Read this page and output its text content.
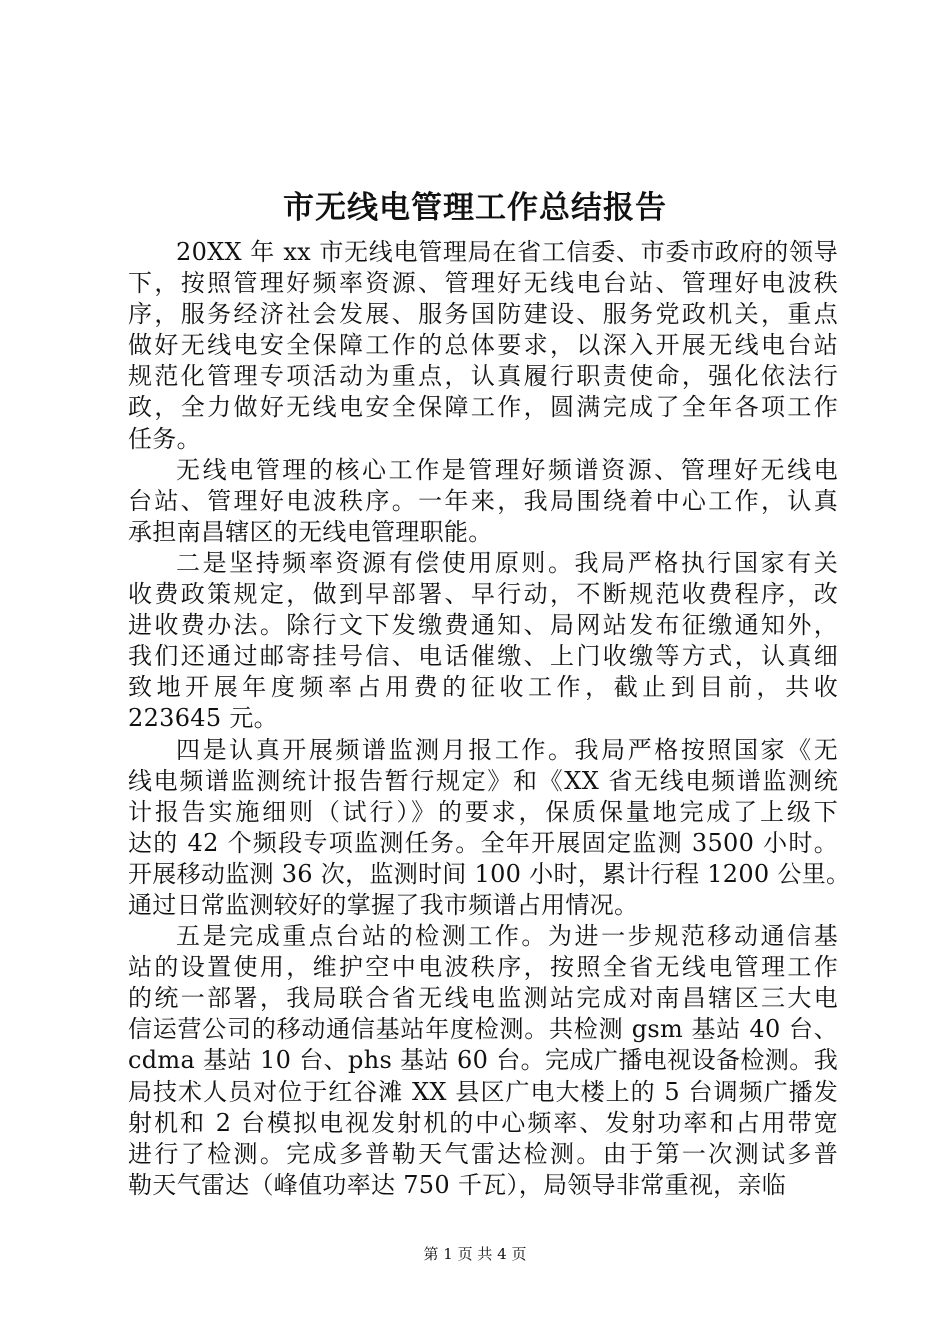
市无线电管理工作总结报告
20XX 年 xx 市无线电管理局在省工信委、市委市政府的领导
下，按照管理好频率资源、管理好无线电台站、管理好电波秩
序，服务经济社会发展、服务国防建设、服务党政机关，重点
做好无线电安全保障工作的总体要求，以深入开展无线电台站
规范化管理专项活动为重点，认真履行职责使命，强化依法行
政，全力做好无线电安全保障工作，圆满完成了全年各项工作
任务。
无线电管理的核心工作是管理好频谱资源、管理好无线电
台站、管理好电波秩序。一年来，我局围绕着中心工作，认真
承担南昌辖区的无线电管理职能。
二是坚持频率资源有偿使用原则。我局严格执行国家有关
收费政策规定，做到早部署、早行动，不断规范收费程序，改
进收费办法。除行文下发缴费通知、局网站发布征缴通知外，
我们还通过邮寄挂号信、电话催缴、上门收缴等方式，认真细
致地开展年度频率占用费的征收工作，截止到目前，共收
223645 元。
四是认真开展频谱监测月报工作。我局严格按照国家《无
线电频谱监测统计报告暂行规定》和《XX 省无线电频谱监测统
计报告实施细则（试行）》的要求，保质保量地完成了上级下
达的 42 个频段专项监测任务。全年开展固定监测 3500 小时。
开展移动监测 36 次，监测时间 100 小时，累计行程 1200 公里。
通过日常监测较好的掌握了我市频谱占用情况。
五是完成重点台站的检测工作。为进一步规范移动通信基
站的设置使用，维护空中电波秩序，按照全省无线电管理工作
的统一部署，我局联合省无线电监测站完成对南昌辖区三大电
信运营公司的移动通信基站年度检测。共检测 gsm 基站 40 台、
cdma 基站 10 台、phs 基站 60 台。完成广播电视设备检测。我
局技术人员对位于红谷滩 XX 县区广电大楼上的 5 台调频广播发
射机和 2 台模拟电视发射机的中心频率、发射功率和占用带宽
进行了检测。完成多普勒天气雷达检测。由于第一次测试多普
勒天气雷达（峰值功率达 750 千瓦），局领导非常重视，亲临
第 1 页 共 4 页
